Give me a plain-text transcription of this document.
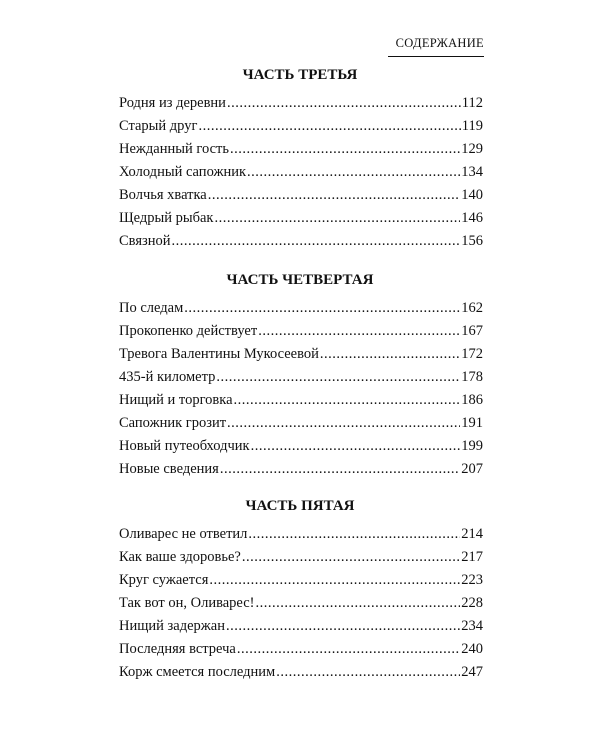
СОДЕРЖАНИЕ
ЧАСТЬ ТРЕТЬЯ
Родня из деревни .....	112
Старый друг .....	119
Нежданный гость .....	129
Холодный сапожник .....	134
Волчья хватка .....	140
Щедрый рыбак .....	146
Связной .....	156
ЧАСТЬ ЧЕТВЕРТАЯ
По следам .....	162
Прокопенко действует .....	167
Тревога Валентины Мукосеевой .....	172
435-й километр .....	178
Нищий и торговка .....	186
Сапожник грозит .....	191
Новый путеобходчик .....	199
Новые сведения .....	207
ЧАСТЬ ПЯТАЯ
Оливарес не ответил .....	214
Как ваше здоровье? .....	217
Круг сужается .....	223
Так вот он, Оливарес! .....	228
Нищий задержан .....	234
Последняя встреча .....	240
Корж смеется последним .....	247
